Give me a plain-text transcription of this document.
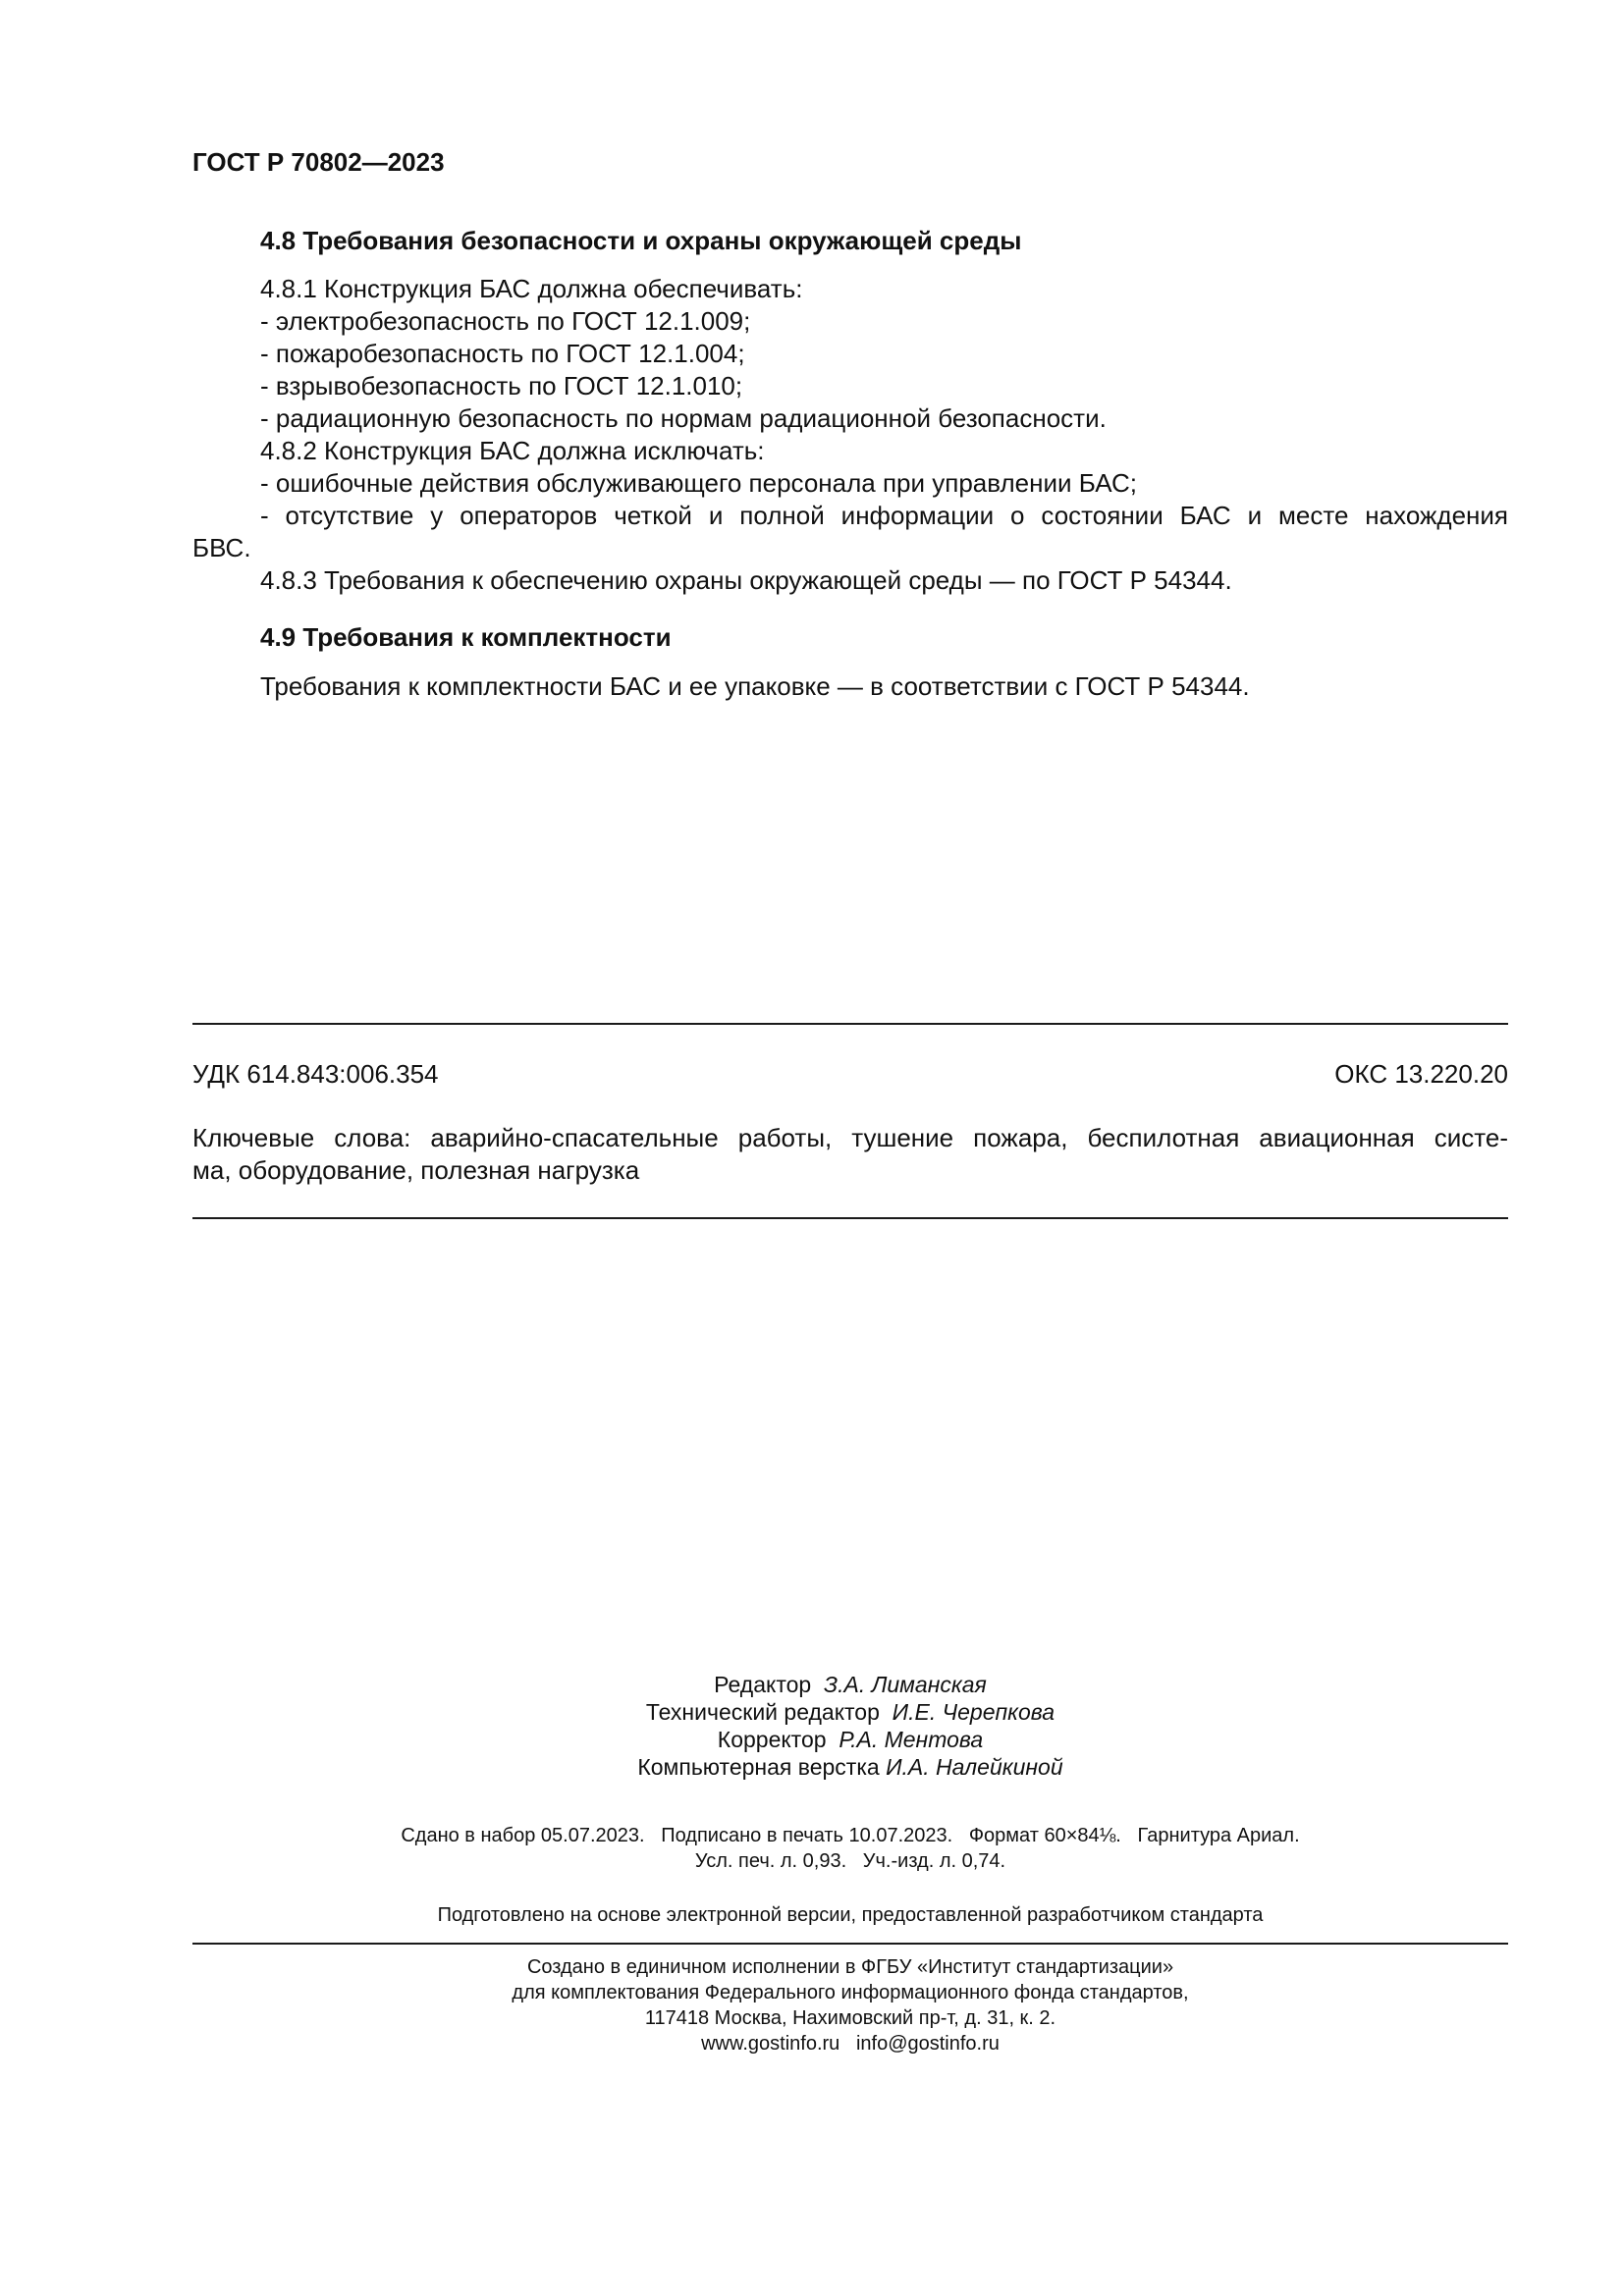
ГОСТ Р 70802—2023
4.8 Требования безопасности и охраны окружающей среды
4.8.1 Конструкция БАС должна обеспечивать:
- электробезопасность по ГОСТ 12.1.009;
- пожаробезопасность по ГОСТ 12.1.004;
- взрывобезопасность по ГОСТ 12.1.010;
- радиационную безопасность по нормам радиационной безопасности.
4.8.2 Конструкция БАС должна исключать:
- ошибочные действия обслуживающего персонала при управлении БАС;
- отсутствие у операторов четкой и полной информации о состоянии БАС и месте нахождения
БВС.
4.8.3 Требования к обеспечению охраны окружающей среды — по ГОСТ Р 54344.
4.9 Требования к комплектности
Требования к комплектности БАС и ее упаковке — в соответствии с ГОСТ Р 54344.
УДК 614.843:006.354	ОКС 13.220.20
Ключевые слова: аварийно-спасательные работы, тушение пожара, беспилотная авиационная систе-
ма, оборудование, полезная нагрузка
Редактор З.А. Лиманская
Технический редактор И.Е. Черепкова
Корректор Р.А. Ментова
Компьютерная верстка И.А. Налейкиной
Сдано в набор 05.07.2023.   Подписано в печать 10.07.2023.   Формат 60×84⅛.   Гарнитура Ариал.
Усл. печ. л. 0,93.   Уч.-изд. л. 0,74.
Подготовлено на основе электронной версии, предоставленной разработчиком стандарта
Создано в единичном исполнении в ФГБУ «Институт стандартизации»
для комплектования Федерального информационного фонда стандартов,
117418 Москва, Нахимовский пр-т, д. 31, к. 2.
www.gostinfo.ru   info@gostinfo.ru
